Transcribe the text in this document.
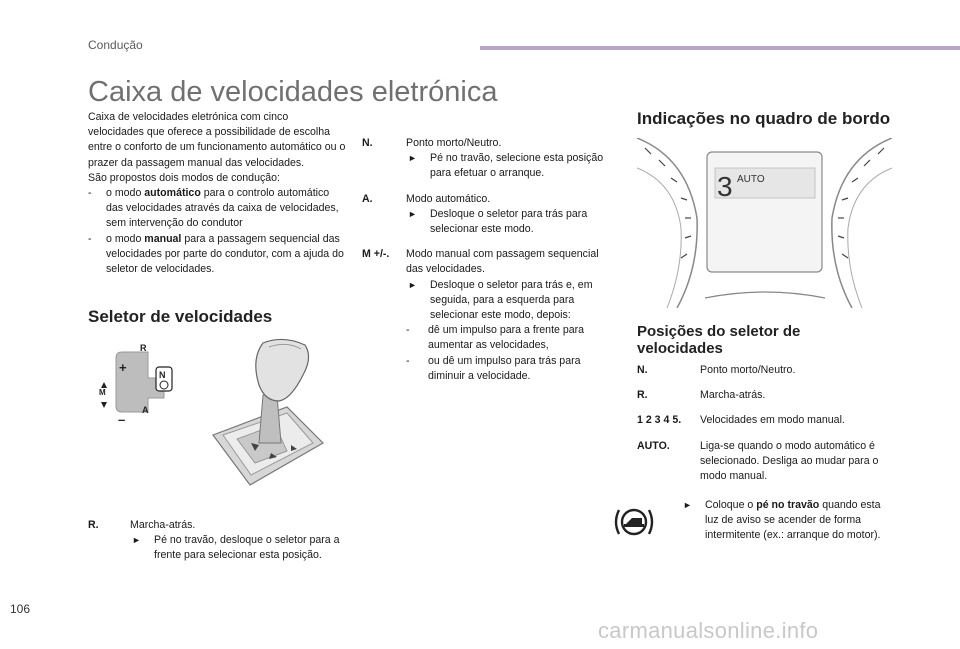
Condução
Caixa de velocidades eletrónica

Caixa de velocidades eletrónica com cinco velocidades que oferece a possibilidade de escolha entre o conforto de um funcionamento automático ou o prazer da passagem manual das velocidades.

São propostos dois modos de condução:

-	o modo automático para o controlo automático das velocidades através da caixa de velocidades, sem intervenção do condutor
-	o modo manual para a passagem sequencial das velocidades por parte do condutor, com a ajuda do seletor de velocidades.
Seletor de velocidades
R
A
+
–
M
N
R.	Marcha-atrás.
►	Pé no travão, desloque o seletor para a frente para selecionar esta posição.
N.	Ponto morto/Neutro.
►	Pé no travão, selecione esta posição para efetuar o arranque.
A.	Modo automático.
►	Desloque o seletor para trás para selecionar este modo.
M +/-.	Modo manual com passagem sequencial das velocidades.
►	Desloque o seletor para trás e, em seguida, para a esquerda para selecionar este modo, depois:
-	dê um impulso para a frente para aumentar as velocidades,
-	ou dê um impulso para trás para diminuir a velocidade.
Indicações no quadro de bordo
3 AUTO
Posições do seletor de velocidades
N.	Ponto morto/Neutro.
R.	Marcha-atrás.
1 2 3 4 5.	Velocidades em modo manual.
AUTO.	Liga-se quando o modo automático é selecionado. Desliga ao mudar para o modo manual.
►	Coloque o pé no travão quando esta luz de aviso se acender de forma intermitente (ex.: arranque do motor).
106
carmanualsonline.info
